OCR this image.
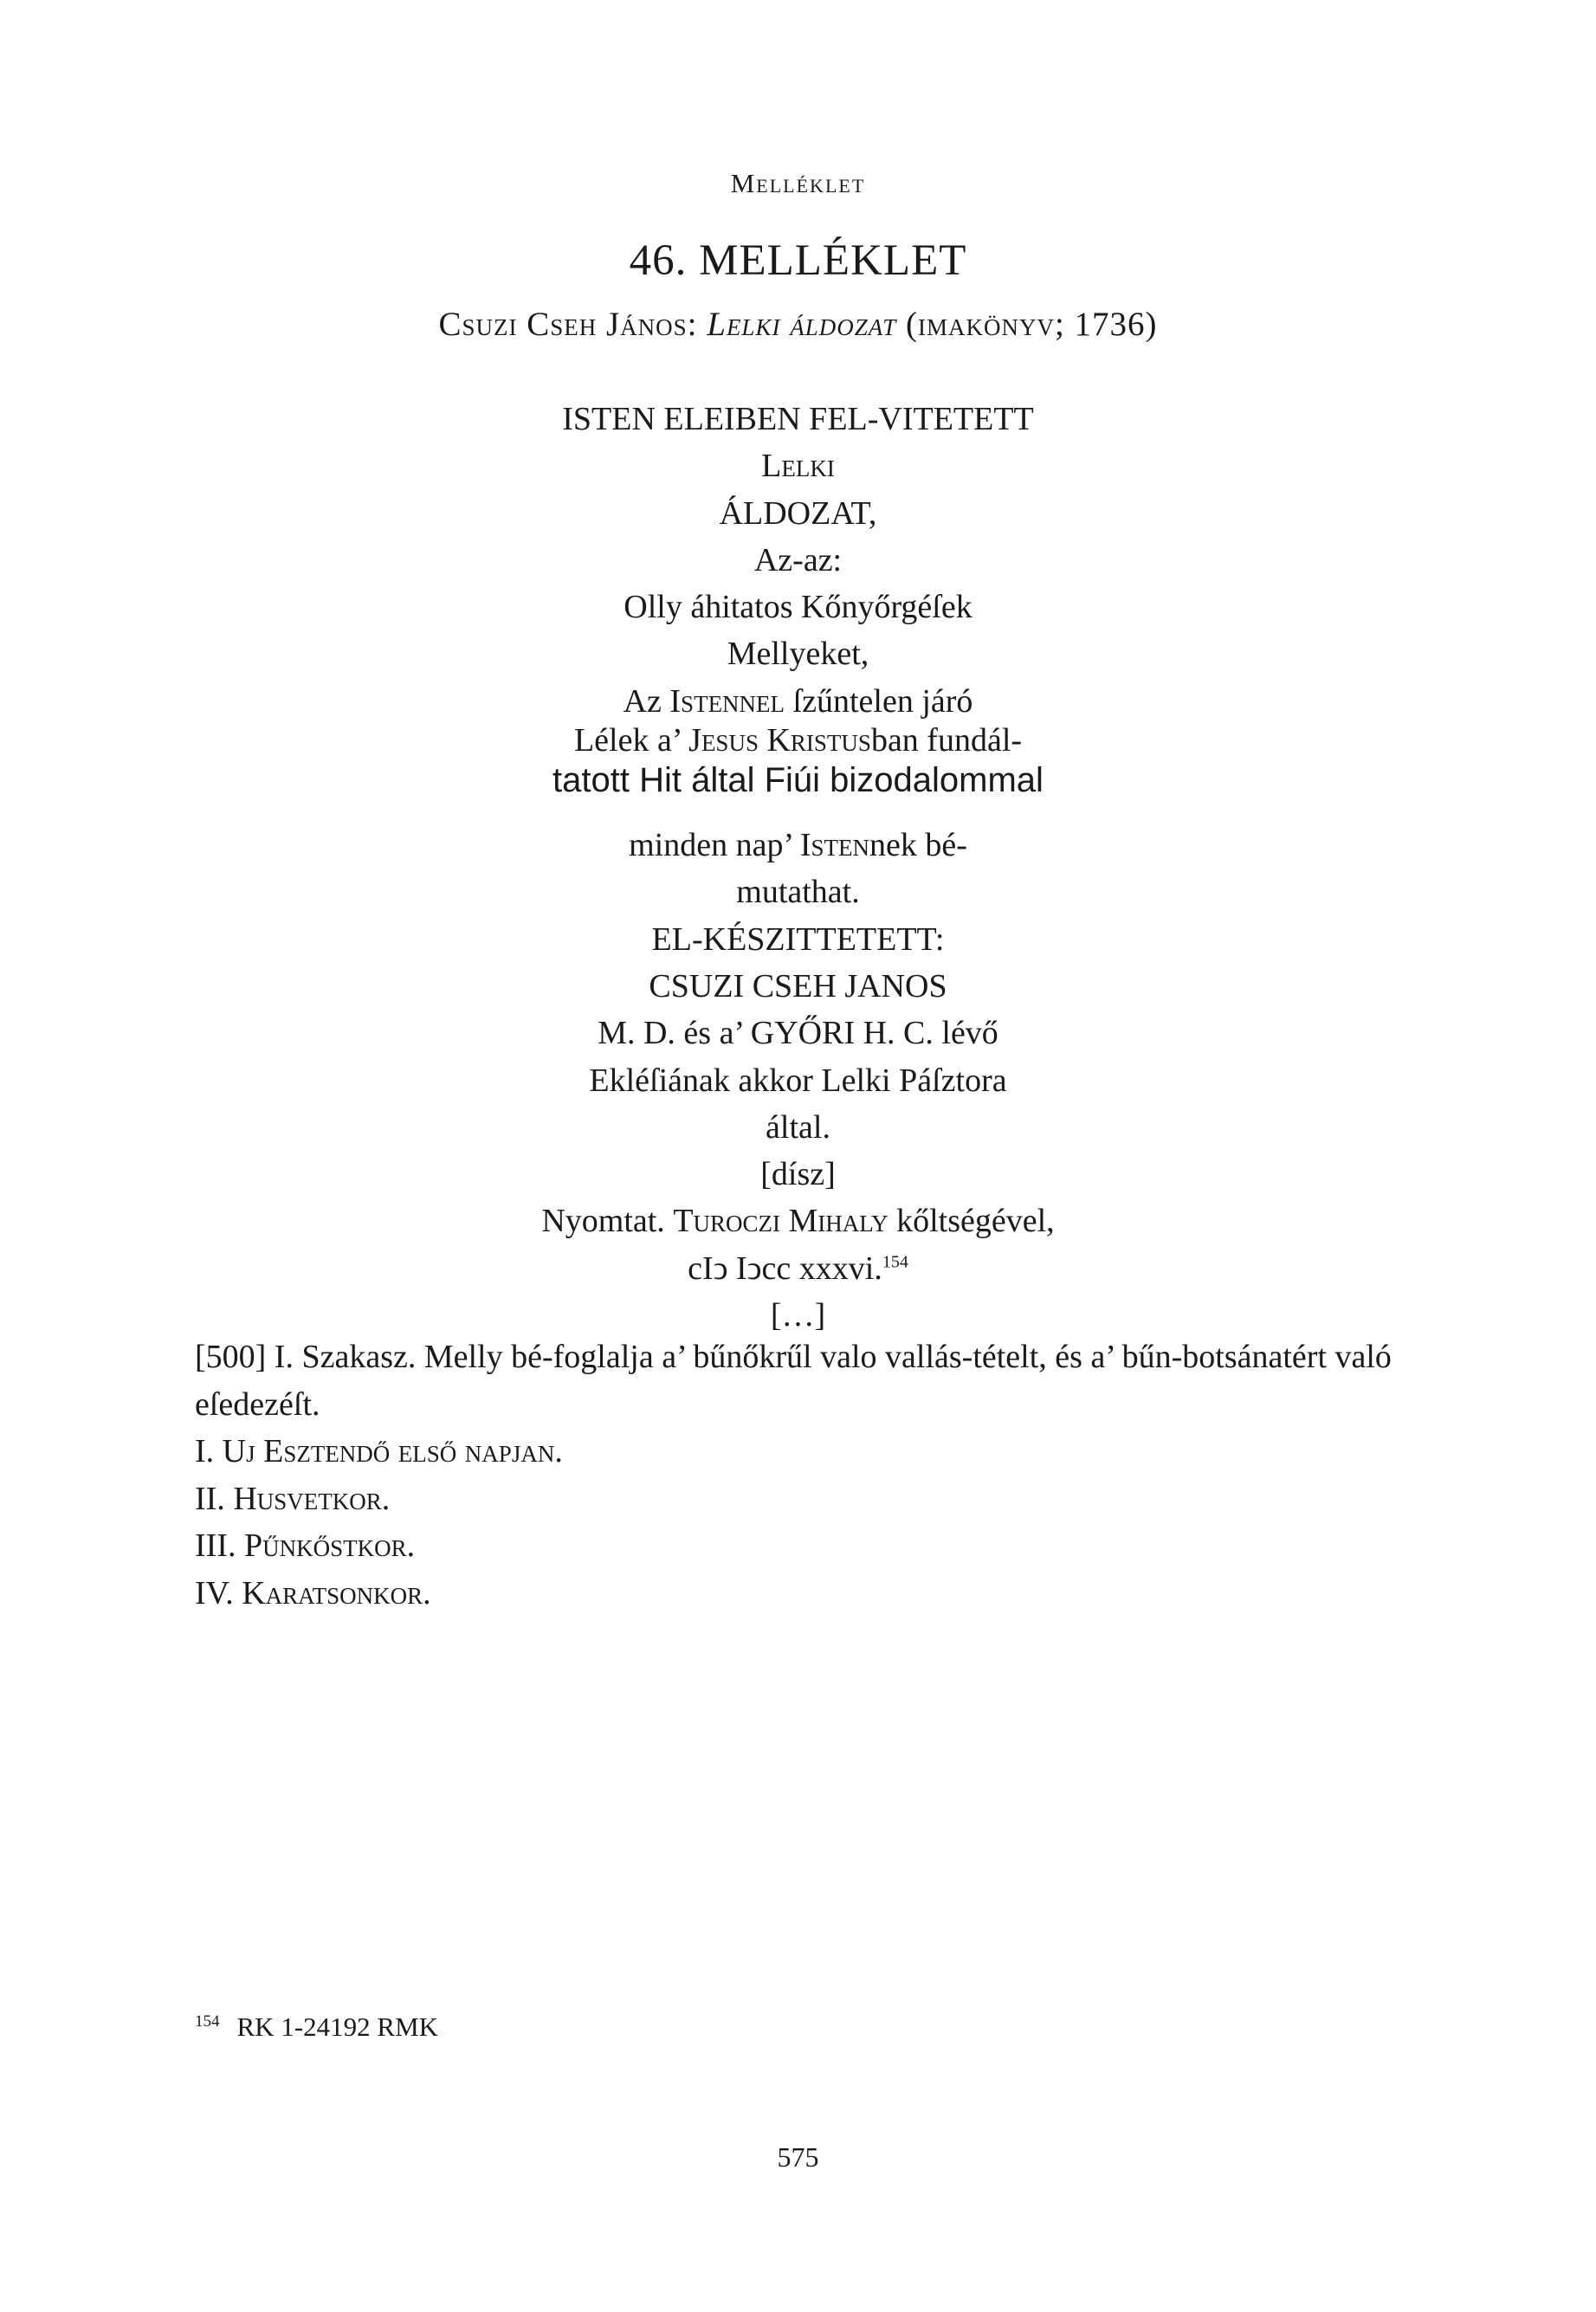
Melléklet
46. MELLÉKLET
Csuzi Cseh János: Lelki áldozat (imakönyv; 1736)
ISTEN ELEIBEN FEL-VITETETT
Lelki
ÁLDOZAT,
Az-az:
Olly áhitatos Kőnyőrgéſek
Mellyeket,
Az Istennel ſzűntelen járó
Lélek a’ Jesus Kristusban fundál-
tatott Hit által Fiúi bizodalommal
minden nap’ Istennek bé-
mutathat.
EL-KÉSZITTETETT:
CSUZI CSEH JANOS
M. D. és a’ GYŐRI H. C. lévő
Ekléſiának akkor Lelki Páſztora
által.
[dísz]
Nyomtat. Turoczi Mihaly kőltségével,
cIↄ Iↄcc xxxvi.$^{154}$
[…]

[500] I. Szakasz. Melly bé-foglalja a’ bűnőkrűl valo vallás-tételt, és a’ bűn-botsánatért való eſedezéſt.

I. Uj Esztendő első napjan.

II. Husvetkor.

III. Pűnkőstkor.

IV. Karatsonkor.

$^{154}$ RK 1-24192 RMK
575
